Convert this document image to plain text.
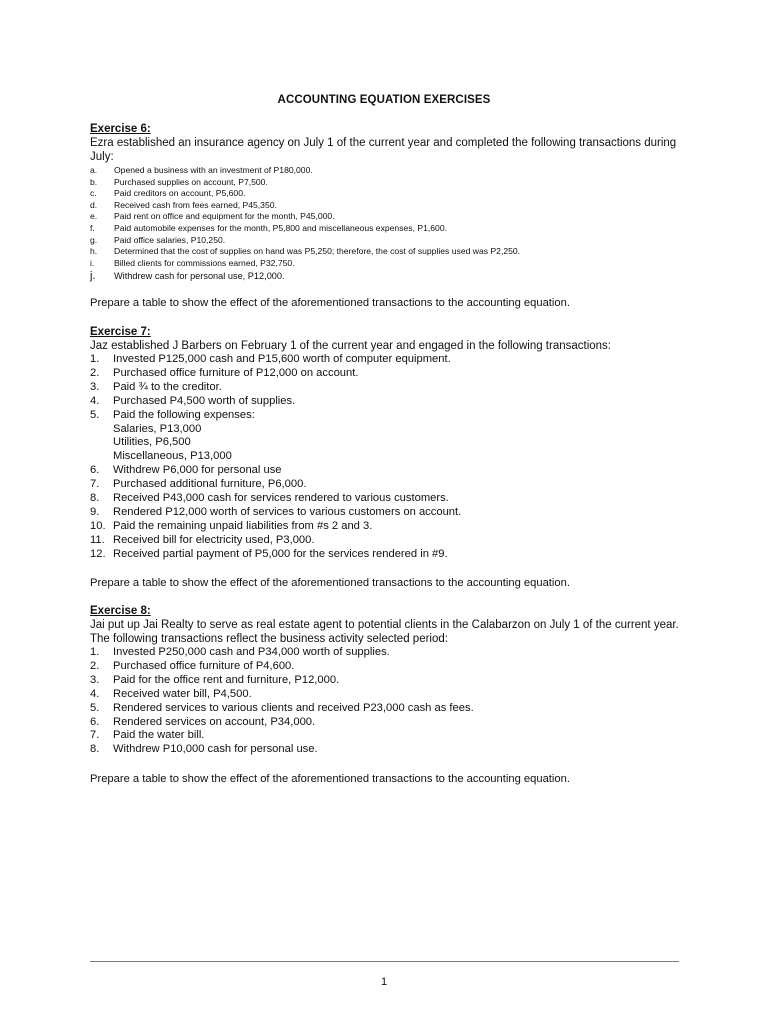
ACCOUNTING EQUATION EXERCISES
Exercise 6:
Ezra established an insurance agency on July 1 of the current year and completed the following transactions during July:
a. Opened a business with an investment of P180,000.
b. Purchased supplies on account, P7,500.
c. Paid creditors on account, P5,600.
d. Received cash from fees earned, P45,350.
e. Paid rent on office and equipment for the month, P45,000.
f. Paid automobile expenses for the month, P5,800 and miscellaneous expenses, P1,600.
g. Paid office salaries, P10,250.
h. Determined that the cost of supplies on hand was P5,250; therefore, the cost of supplies used was P2,250.
i. Billed clients for commissions earned, P32,750.
j. Withdrew cash for personal use, P12,000.
Prepare a table to show the effect of the aforementioned transactions to the accounting equation.
Exercise 7:
Jaz established J Barbers on February 1 of the current year and engaged in the following transactions:
1. Invested P125,000 cash and P15,600 worth of computer equipment.
2. Purchased office furniture of P12,000 on account.
3. Paid ¾ to the creditor.
4. Purchased P4,500 worth of supplies.
5. Paid the following expenses:
Salaries, P13,000
Utilities, P6,500
Miscellaneous, P13,000
6. Withdrew P6,000 for personal use
7. Purchased additional furniture, P6,000.
8. Received P43,000 cash for services rendered to various customers.
9. Rendered P12,000 worth of services to various customers on account.
10. Paid the remaining unpaid liabilities from #s 2 and 3.
11. Received bill for electricity used, P3,000.
12. Received partial payment of P5,000 for the services rendered in #9.
Prepare a table to show the effect of the aforementioned transactions to the accounting equation.
Exercise 8:
Jai put up Jai Realty to serve as real estate agent to potential clients in the Calabarzon on July 1 of the current year. The following transactions reflect the business activity selected period:
1. Invested P250,000 cash and P34,000 worth of supplies.
2. Purchased office furniture of P4,600.
3. Paid for the office rent and furniture, P12,000.
4. Received water bill, P4,500.
5. Rendered services to various clients and received P23,000 cash as fees.
6. Rendered services on account, P34,000.
7. Paid the water bill.
8. Withdrew P10,000 cash for personal use.
Prepare a table to show the effect of the aforementioned transactions to the accounting equation.
1
